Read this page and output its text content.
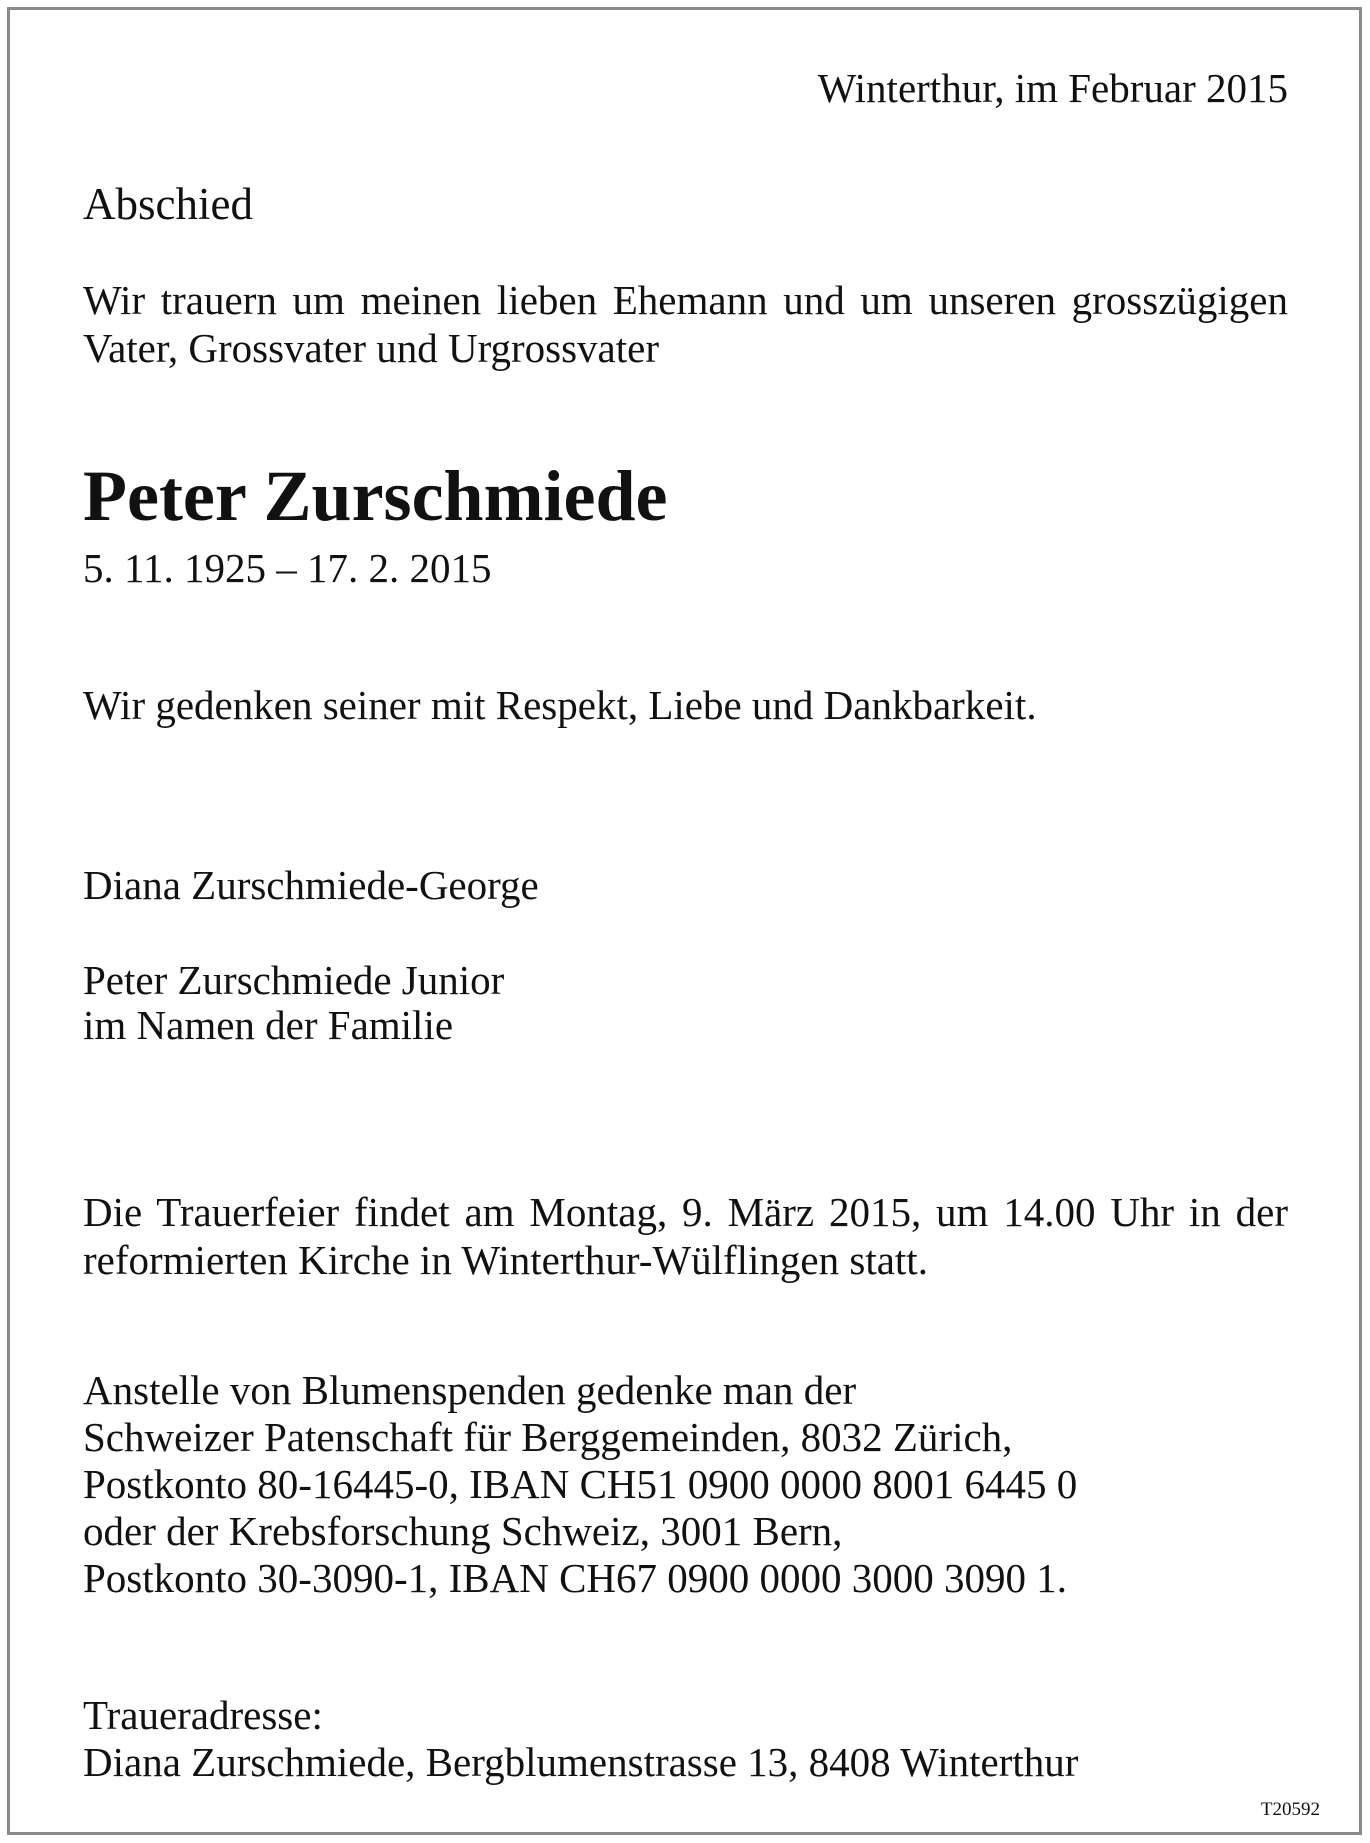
Winterthur, im Februar 2015

Abschied

Wir trauern um meinen lieben Ehemann und um unseren grosszügigen Vater, Grossvater und Urgrossvater

Peter Zurschmiede

5. 11. 1925 – 17. 2. 2015

Wir gedenken seiner mit Respekt, Liebe und Dankbarkeit.

Diana Zurschmiede-George

Peter Zurschmiede Junior

im Namen der Familie

Die Trauerfeier findet am Montag, 9. März 2015, um 14.00 Uhr in der reformierten Kirche in Winterthur-Wülflingen statt.

Anstelle von Blumenspenden gedenke man der

Schweizer Patenschaft für Berggemeinden, 8032 Zürich,

Postkonto 80-16445-0, IBAN CH51 0900 0000 8001 6445 0

oder der Krebsforschung Schweiz, 3001 Bern,

Postkonto 30-3090-1, IBAN CH67 0900 0000 3000 3090 1.

Traueradresse:

Diana Zurschmiede, Bergblumenstrasse 13, 8408 Winterthur

T20592
